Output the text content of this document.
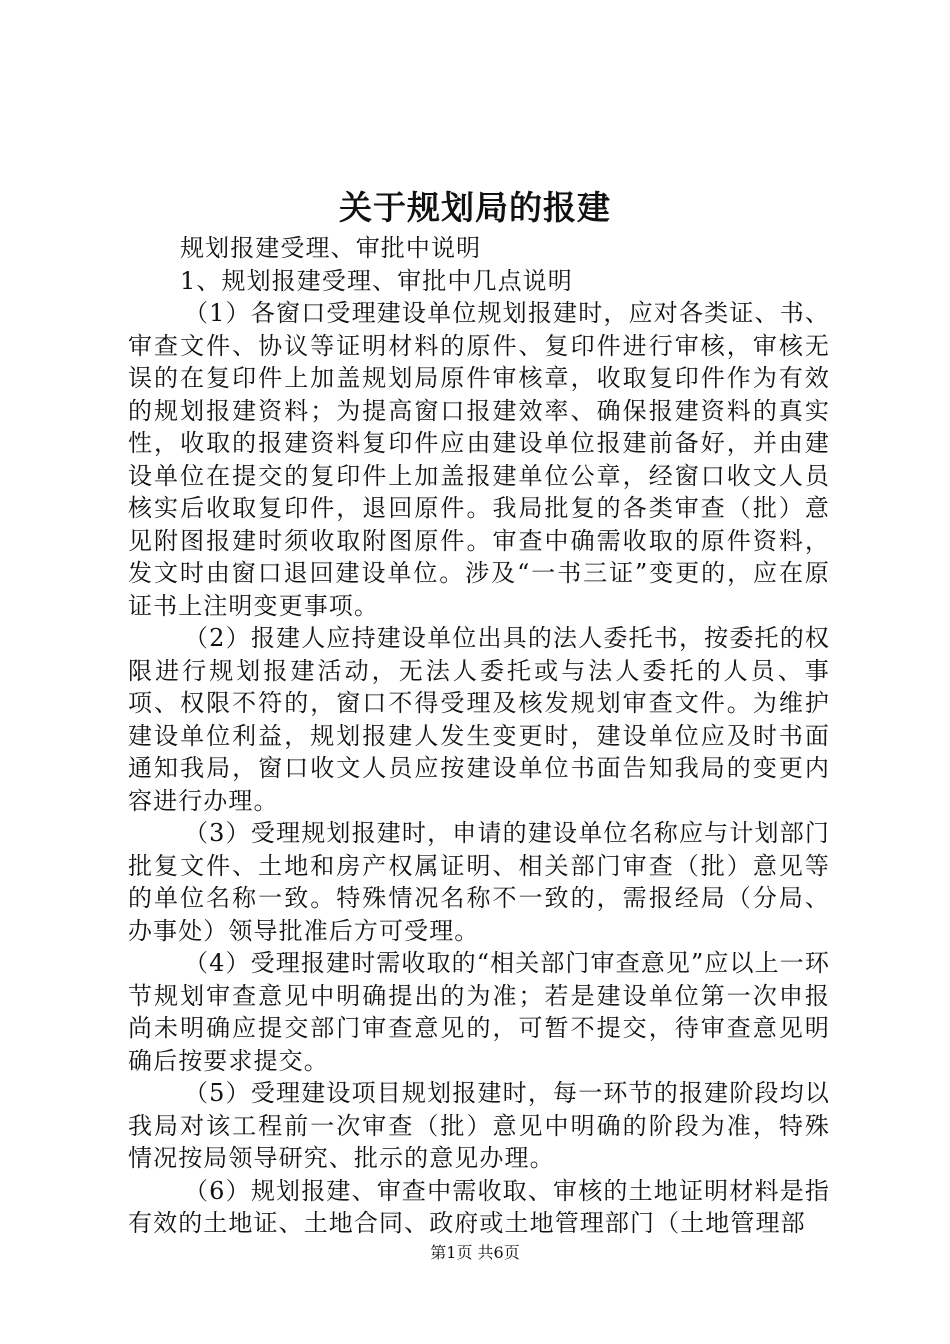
关于规划局的报建

规划报建受理、审批中说明

1、规划报建受理、审批中几点说明

（1）各窗口受理建设单位规划报建时，应对各类证、书、审查文件、协议等证明材料的原件、复印件进行审核，审核无误的在复印件上加盖规划局原件审核章，收取复印件作为有效的规划报建资料；为提高窗口报建效率、确保报建资料的真实性，收取的报建资料复印件应由建设单位报建前备好，并由建设单位在提交的复印件上加盖报建单位公章，经窗口收文人员核实后收取复印件，退回原件。我局批复的各类审查（批）意见附图报建时须收取附图原件。审查中确需收取的原件资料，发文时由窗口退回建设单位。涉及“一书三证”变更的，应在原证书上注明变更事项。

（2）报建人应持建设单位出具的法人委托书，按委托的权限进行规划报建活动，无法人委托或与法人委托的人员、事项、权限不符的，窗口不得受理及核发规划审查文件。为维护建设单位利益，规划报建人发生变更时，建设单位应及时书面通知我局，窗口收文人员应按建设单位书面告知我局的变更内容进行办理。

（3）受理规划报建时，申请的建设单位名称应与计划部门批复文件、土地和房产权属证明、相关部门审查（批）意见等的单位名称一致。特殊情况名称不一致的，需报经局（分局、办事处）领导批准后方可受理。

（4）受理报建时需收取的“相关部门审查意见”应以上一环节规划审查意见中明确提出的为准；若是建设单位第一次申报尚未明确应提交部门审查意见的，可暂不提交，待审查意见明确后按要求提交。

（5）受理建设项目规划报建时，每一环节的报建阶段均以我局对该工程前一次审查（批）意见中明确的阶段为准，特殊情况按局领导研究、批示的意见办理。

（6）规划报建、审查中需收取、审核的土地证明材料是指有效的土地证、土地合同、政府或土地管理部门（土地管理部

第1页 共6页
